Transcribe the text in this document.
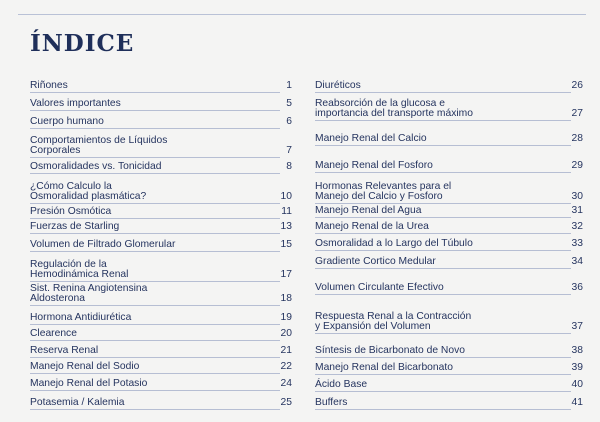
ÍNDICE
Riñones	1
Valores importantes	5
Cuerpo humano	6
Comportamientos de Líquidos
Corporales	7
Osmoralidades vs. Tonicidad	8
¿Cómo Calculo la
Osmoralidad plasmática?	10
Presión Osmótica	11
Fuerzas de Starling	13
Volumen de Filtrado Glomerular	15
Regulación de la
Hemodinámica Renal	17
Sist. Renina Angiotensina
Aldosterona	18
Hormona Antidiurética	19
Clearence	20
Reserva Renal	21
Manejo Renal del Sodio	22
Manejo Renal del Potasio	24
Potasemia / Kalemia	25
Diuréticos	26
Reabsorción de la glucosa e
importancia del transporte máximo	27
Manejo Renal del Calcio	28
Manejo Renal del Fosforo	29
Hormonas Relevantes para el
Manejo del Calcio y Fosforo	30
Manejo Renal del Agua	31
Manejo Renal de la Urea	32
Osmoralidad a lo Largo del Túbulo	33
Gradiente Cortico Medular	34
Volumen Circulante Efectivo	36
Respuesta Renal a la Contracción
y Expansión del Volumen	37
Síntesis de Bicarbonato de Novo	38
Manejo Renal del Bicarbonato	39
Ácido Base	40
Buffers	41
